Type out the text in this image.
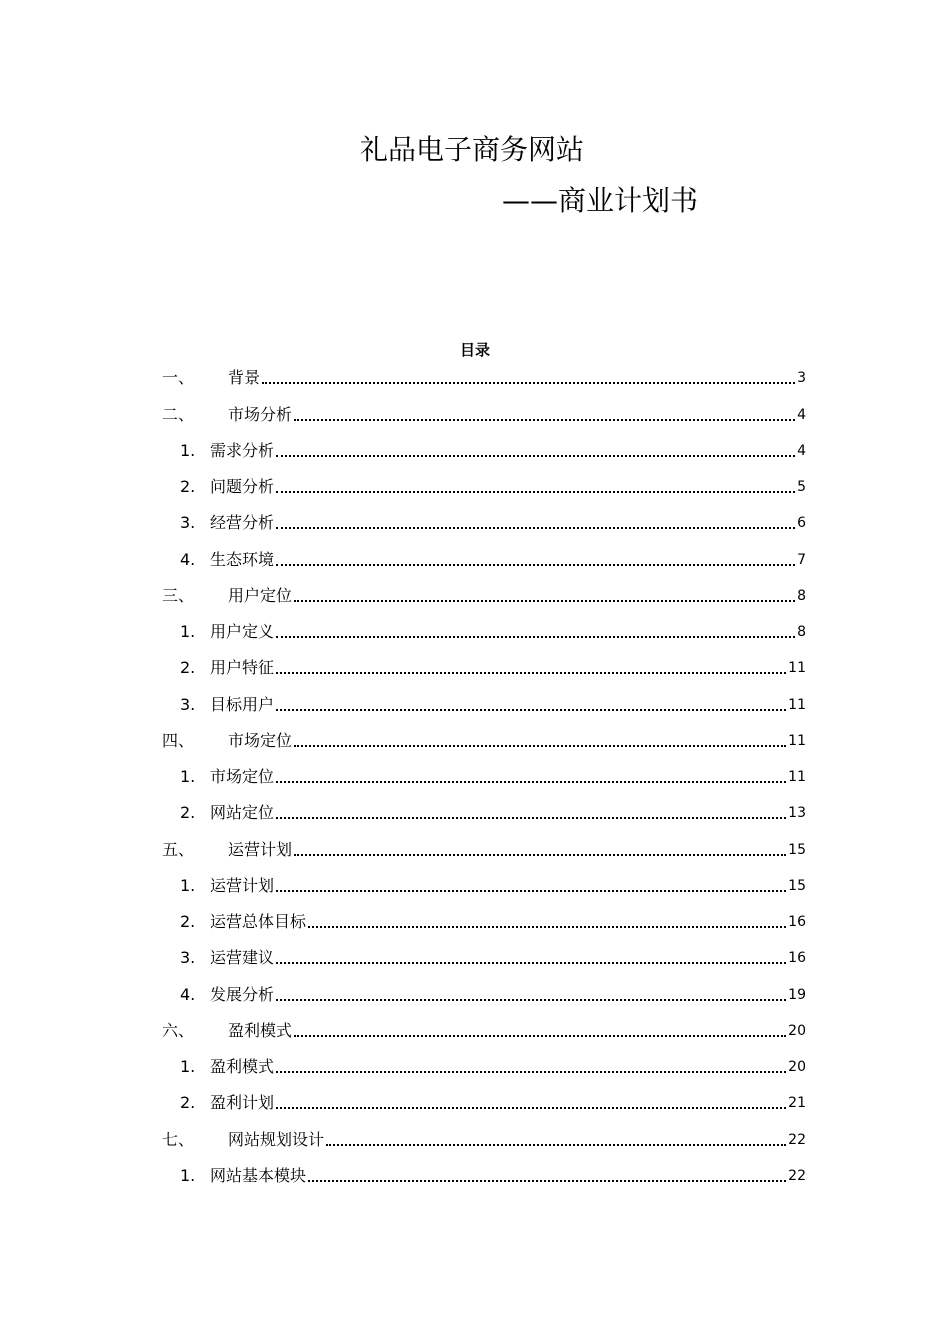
礼品电子商务网站
——商业计划书
目录
一、	背景	3
二、	市场分析	4
1. 需求分析	4
2. 问题分析	5
3. 经营分析	6
4. 生态环境	7
三、	用户定位	8
1. 用户定义	8
2. 用户特征	11
3. 目标用户	11
四、	市场定位	11
1. 市场定位	11
2. 网站定位	13
五、	运营计划	15
1. 运营计划	15
2. 运营总体目标	16
3. 运营建议	16
4. 发展分析	19
六、	盈利模式	20
1. 盈利模式	20
2. 盈利计划	21
七、	网站规划设计	22
1. 网站基本模块	22
